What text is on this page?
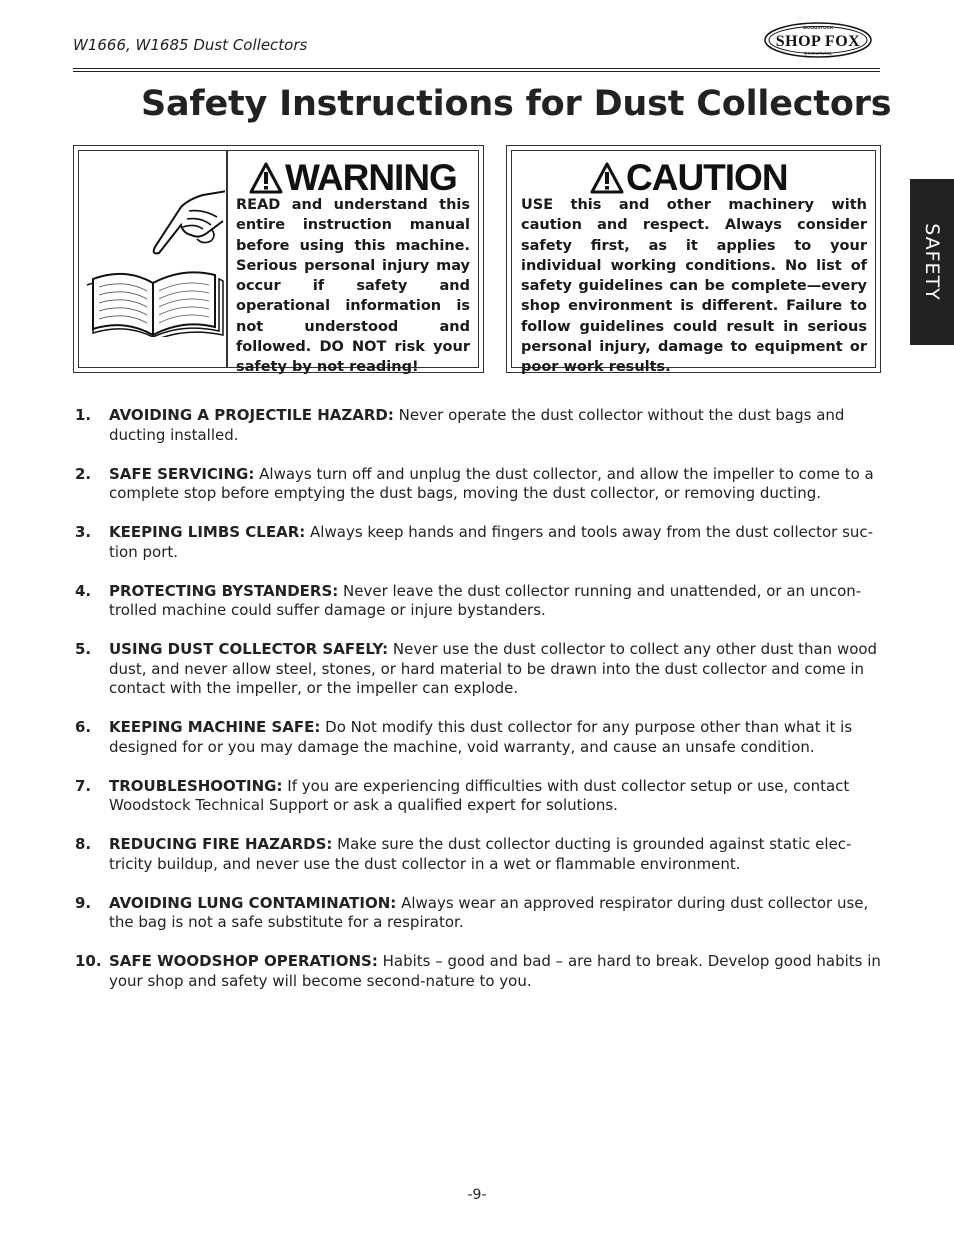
W1666, W1685 Dust Collectors
WOODSTOCK
SHOP FOX
INTERNATIONAL
Safety Instructions for Dust Collectors
SAFETY
WARNING
READ and understand this entire instruction manual before using this machine. Serious personal injury may occur if safety and operational information is not understood and followed. DO NOT risk your safety by not reading!
CAUTION
USE this and other machinery with caution and respect. Always consider safety first, as it applies to your individual working conditions. No list of safety guidelines can be complete—every shop environment is different. Failure to follow guidelines could result in serious personal injury, damage to equipment or poor work results.
1. AVOIDING A PROJECTILE HAZARD: Never operate the dust collector without the dust bags and ducting installed.
2. SAFE SERVICING: Always turn off and unplug the dust collector, and allow the impeller to come to a complete stop before emptying the dust bags, moving the dust collector, or removing ducting.
3. KEEPING LIMBS CLEAR: Always keep hands and fingers and tools away from the dust collector suc-tion port.
4. PROTECTING BYSTANDERS: Never leave the dust collector running and unattended, or an uncon-trolled machine could suffer damage or injure bystanders.
5. USING DUST COLLECTOR SAFELY: Never use the dust collector to collect any other dust than wood dust, and never allow steel, stones, or hard material to be drawn into the dust collector and come in contact with the impeller, or the impeller can explode.
6. KEEPING MACHINE SAFE: Do Not modify this dust collector for any purpose other than what it is designed for or you may damage the machine, void warranty, and cause an unsafe condition.
7. TROUBLESHOOTING: If you are experiencing difficulties with dust collector setup or use, contact Woodstock Technical Support or ask a qualified expert for solutions.
8. REDUCING FIRE HAZARDS: Make sure the dust collector ducting is grounded against static elec-tricity buildup, and never use the dust collector in a wet or flammable environment.
9. AVOIDING LUNG CONTAMINATION: Always wear an approved respirator during dust collector use, the bag is not a safe substitute for a respirator.
10. SAFE WOODSHOP OPERATIONS: Habits – good and bad – are hard to break. Develop good habits in your shop and safety will become second-nature to you.
-9-
